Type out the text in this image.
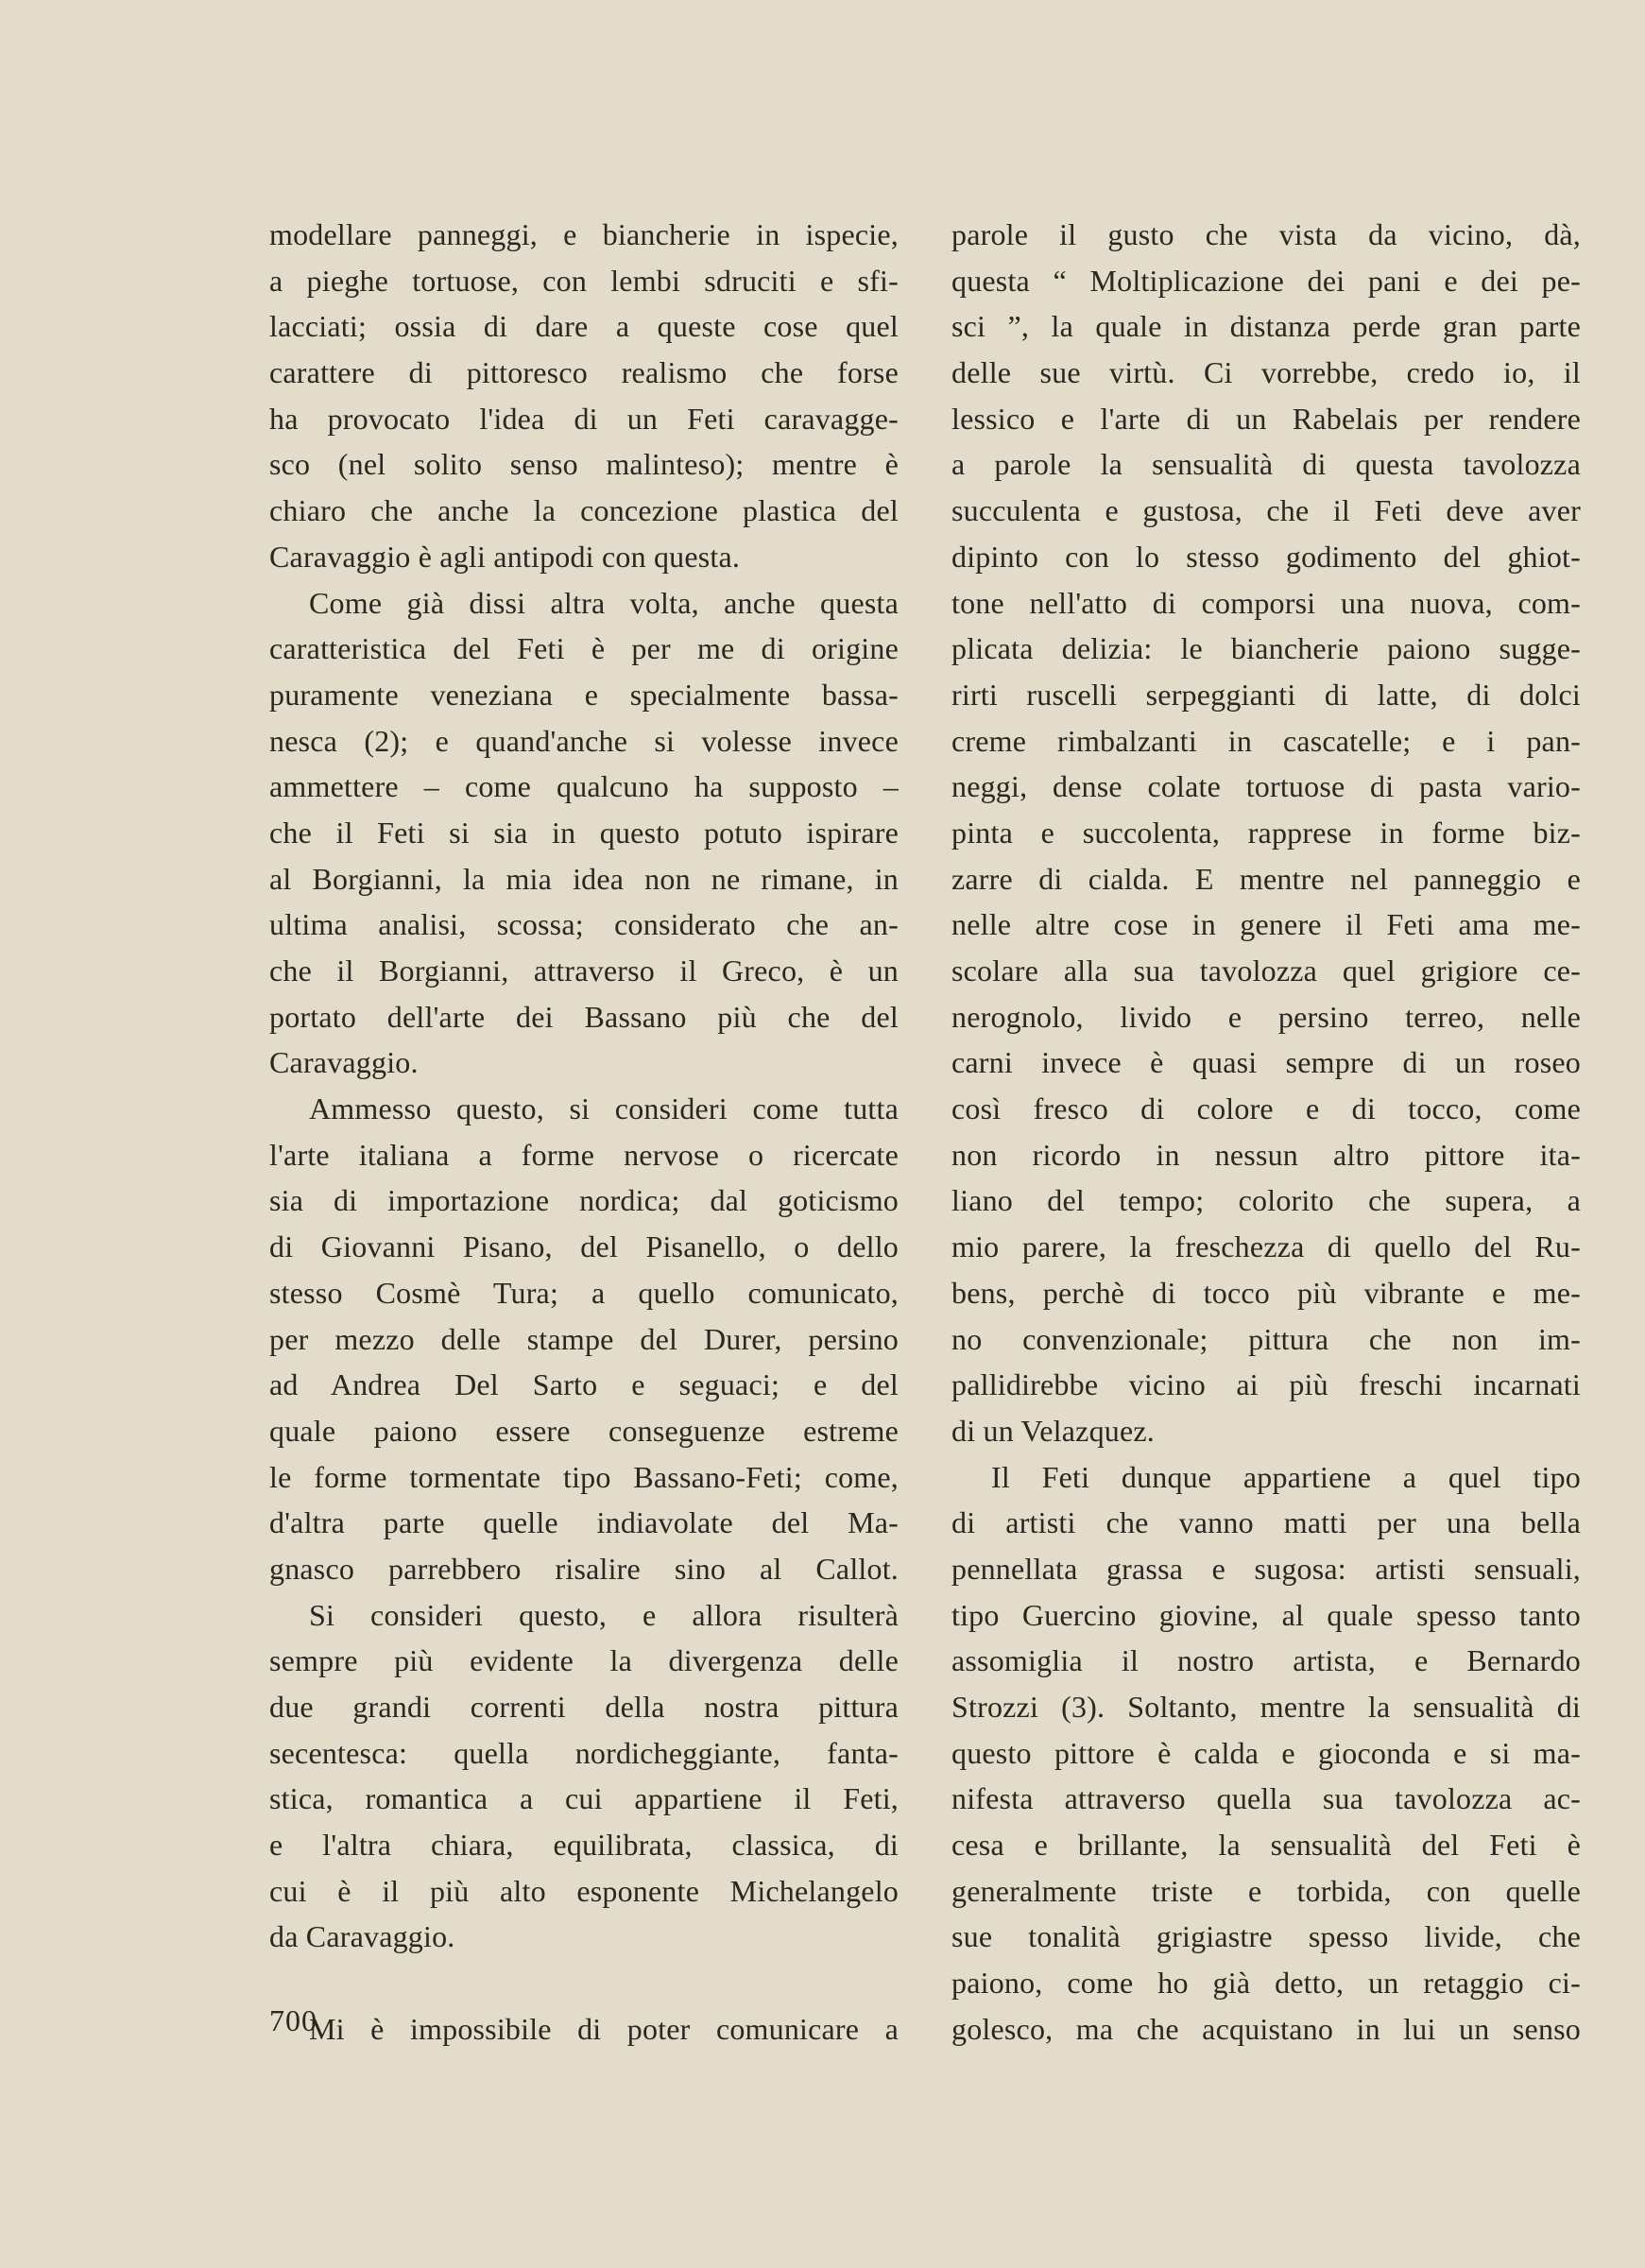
modellare panneggi, e biancherie in ispecie,
a pieghe tortuose, con lembi sdruciti e sfi-
lacciati; ossia di dare a queste cose quel
carattere di pittoresco realismo che forse
ha provocato l'idea di un Feti caravagge-
sco (nel solito senso malinteso); mentre è
chiaro che anche la concezione plastica del
Caravaggio è agli antipodi con questa.
Come già dissi altra volta, anche questa
caratteristica del Feti è per me di origine
puramente veneziana e specialmente bassa-
nesca (2); e quand'anche si volesse invece
ammettere – come qualcuno ha supposto –
che il Feti si sia in questo potuto ispirare
al Borgianni, la mia idea non ne rimane, in
ultima analisi, scossa; considerato che an-
che il Borgianni, attraverso il Greco, è un
portato dell'arte dei Bassano più che del
Caravaggio.
Ammesso questo, si consideri come tutta
l'arte italiana a forme nervose o ricercate
sia di importazione nordica; dal goticismo
di Giovanni Pisano, del Pisanello, o dello
stesso Cosmè Tura; a quello comunicato,
per mezzo delle stampe del Durer, persino
ad Andrea Del Sarto e seguaci; e del
quale paiono essere conseguenze estreme
le forme tormentate tipo Bassano-Feti; come,
d'altra parte quelle indiavolate del Ma-
gnasco parrebbero risalire sino al Callot.
Si consideri questo, e allora risulterà
sempre più evidente la divergenza delle
due grandi correnti della nostra pittura
secentesca: quella nordicheggiante, fanta-
stica, romantica a cui appartiene il Feti,
e l'altra chiara, equilibrata, classica, di
cui è il più alto esponente Michelangelo
da Caravaggio.
Mi è impossibile di poter comunicare a
parole il gusto che vista da vicino, dà,
questa “ Moltiplicazione dei pani e dei pe-
sci ”, la quale in distanza perde gran parte
delle sue virtù. Ci vorrebbe, credo io, il
lessico e l'arte di un Rabelais per rendere
a parole la sensualità di questa tavolozza
succulenta e gustosa, che il Feti deve aver
dipinto con lo stesso godimento del ghiot-
tone nell'atto di comporsi una nuova, com-
plicata delizia: le biancherie paiono sugge-
rirti ruscelli serpeggianti di latte, di dolci
creme rimbalzanti in cascatelle; e i pan-
neggi, dense colate tortuose di pasta vario-
pinta e succolenta, rapprese in forme biz-
zarre di cialda. E mentre nel panneggio e
nelle altre cose in genere il Feti ama me-
scolare alla sua tavolozza quel grigiore ce-
nerognolo, livido e persino terreo, nelle
carni invece è quasi sempre di un roseo
così fresco di colore e di tocco, come
non ricordo in nessun altro pittore ita-
liano del tempo; colorito che supera, a
mio parere, la freschezza di quello del Ru-
bens, perchè di tocco più vibrante e me-
no convenzionale; pittura che non im-
pallidirebbe vicino ai più freschi incarnati
di un Velazquez.
Il Feti dunque appartiene a quel tipo
di artisti che vanno matti per una bella
pennellata grassa e sugosa: artisti sensuali,
tipo Guercino giovine, al quale spesso tanto
assomiglia il nostro artista, e Bernardo
Strozzi (3). Soltanto, mentre la sensualità di
questo pittore è calda e gioconda e si ma-
nifesta attraverso quella sua tavolozza ac-
cesa e brillante, la sensualità del Feti è
generalmente triste e torbida, con quelle
sue tonalità grigiastre spesso livide, che
paiono, come ho già detto, un retaggio ci-
golesco, ma che acquistano in lui un senso
700
